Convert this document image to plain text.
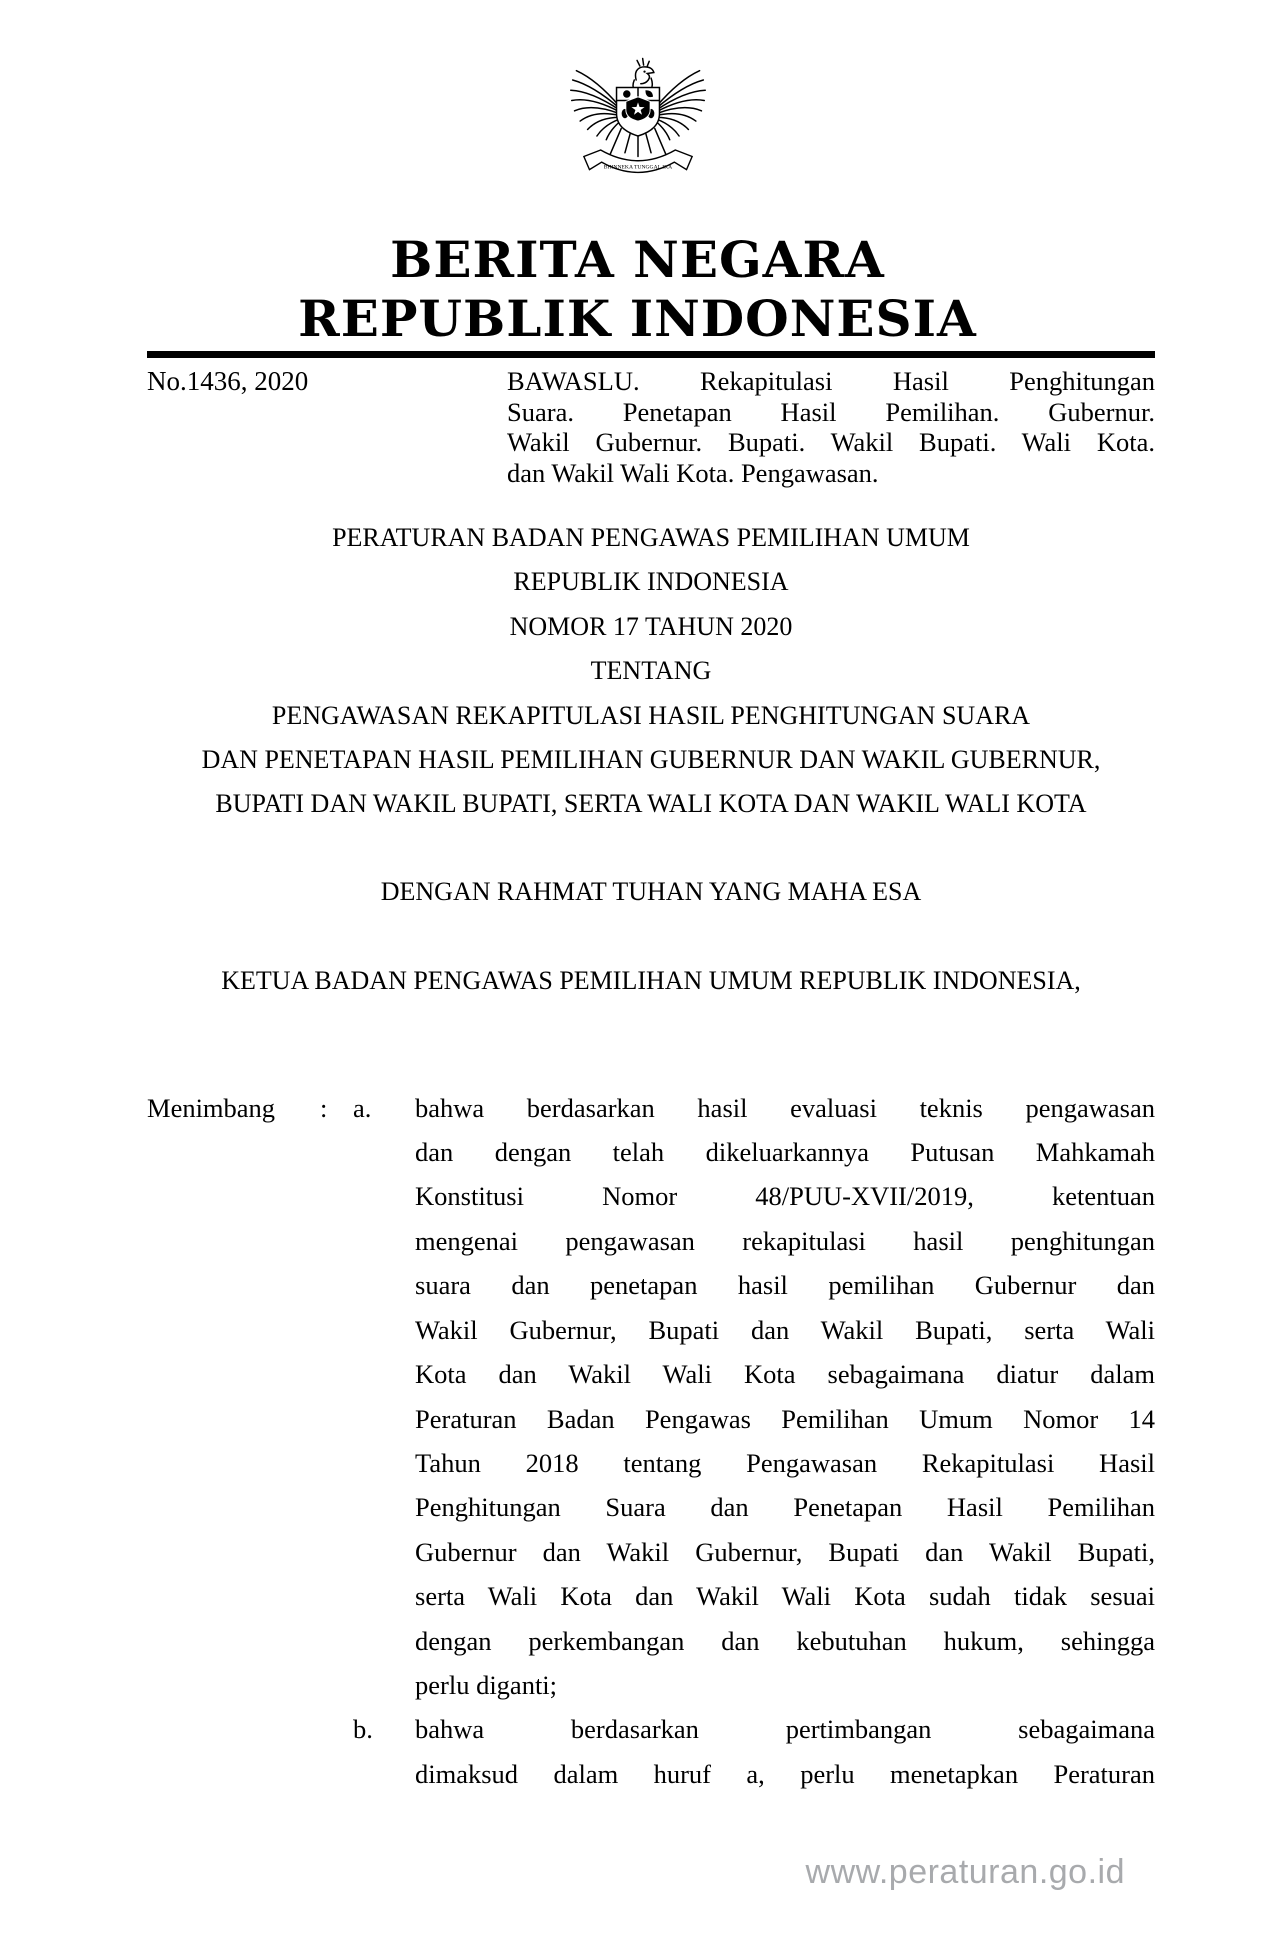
BHINNEKA TUNGGAL IKA
BERITA NEGARA
REPUBLIK INDONESIA
No.1436, 2020	BAWASLU. Rekapitulasi Hasil Penghitungan
Suara. Penetapan Hasil Pemilihan. Gubernur.
Wakil Gubernur. Bupati. Wakil Bupati. Wali Kota.
dan Wakil Wali Kota. Pengawasan.
PERATURAN BADAN PENGAWAS PEMILIHAN UMUM
REPUBLIK INDONESIA
NOMOR 17 TAHUN 2020
TENTANG
PENGAWASAN REKAPITULASI HASIL PENGHITUNGAN SUARA
DAN PENETAPAN HASIL PEMILIHAN GUBERNUR DAN WAKIL GUBERNUR,
BUPATI DAN WAKIL BUPATI, SERTA WALI KOTA DAN WAKIL WALI KOTA
DENGAN RAHMAT TUHAN YANG MAHA ESA
KETUA BADAN PENGAWAS PEMILIHAN UMUM REPUBLIK INDONESIA,
Menimbang	: a.	bahwa berdasarkan hasil evaluasi teknis pengawasan
dan dengan telah dikeluarkannya Putusan Mahkamah
Konstitusi Nomor 48/PUU-XVII/2019, ketentuan
mengenai pengawasan rekapitulasi hasil penghitungan
suara dan penetapan hasil pemilihan Gubernur dan
Wakil Gubernur, Bupati dan Wakil Bupati, serta Wali
Kota dan Wakil Wali Kota sebagaimana diatur dalam
Peraturan Badan Pengawas Pemilihan Umum Nomor 14
Tahun 2018 tentang Pengawasan Rekapitulasi Hasil
Penghitungan Suara dan Penetapan Hasil Pemilihan
Gubernur dan Wakil Gubernur, Bupati dan Wakil Bupati,
serta Wali Kota dan Wakil Wali Kota sudah tidak sesuai
dengan perkembangan dan kebutuhan hukum, sehingga
perlu diganti;
b.	bahwa berdasarkan pertimbangan sebagaimana
dimaksud dalam huruf a, perlu menetapkan Peraturan
www.peraturan.go.id
